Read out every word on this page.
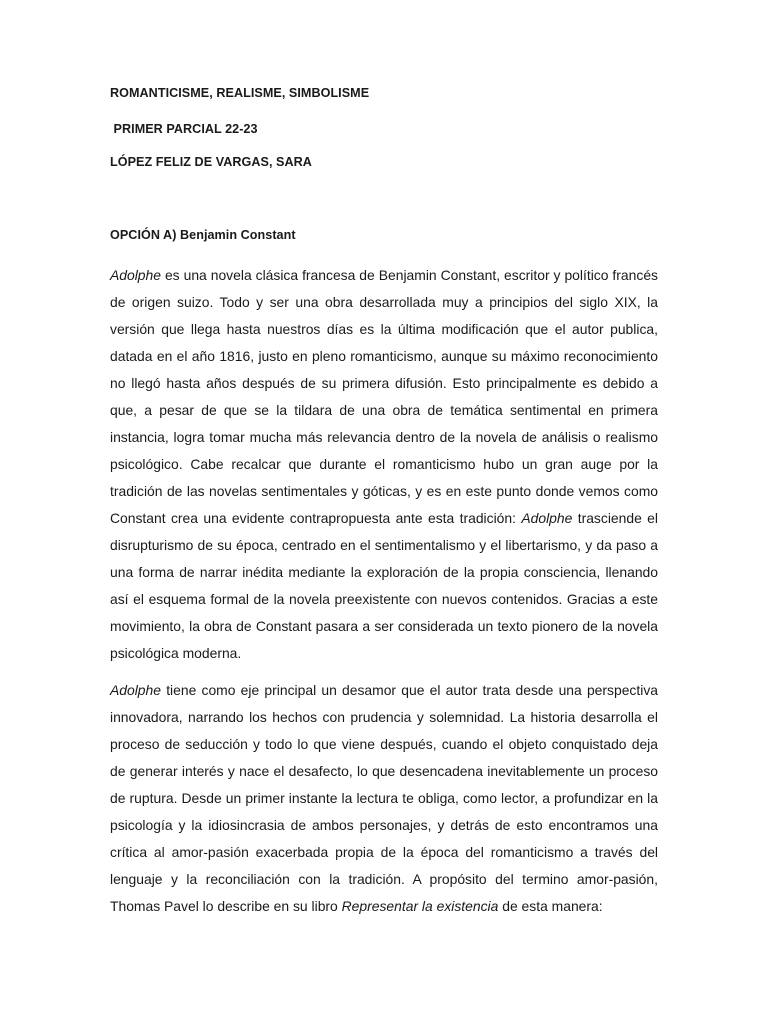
ROMANTICISME, REALISME, SIMBOLISME
PRIMER PARCIAL 22-23
LÓPEZ FELIZ DE VARGAS, SARA
OPCIÓN A) Benjamin Constant

Adolphe es una novela clásica francesa de Benjamin Constant, escritor y político francés de origen suizo. Todo y ser una obra desarrollada muy a principios del siglo XIX, la versión que llega hasta nuestros días es la última modificación que el autor publica, datada en el año 1816, justo en pleno romanticismo, aunque su máximo reconocimiento no llegó hasta años después de su primera difusión. Esto principalmente es debido a que, a pesar de que se la tildara de una obra de temática sentimental en primera instancia, logra tomar mucha más relevancia dentro de la novela de análisis o realismo psicológico. Cabe recalcar que durante el romanticismo hubo un gran auge por la tradición de las novelas sentimentales y góticas, y es en este punto donde vemos como Constant crea una evidente contrapropuesta ante esta tradición: Adolphe trasciende el disrupturismo de su época, centrado en el sentimentalismo y el libertarismo, y da paso a una forma de narrar inédita mediante la exploración de la propia consciencia, llenando así el esquema formal de la novela preexistente con nuevos contenidos. Gracias a este movimiento, la obra de Constant pasara a ser considerada un texto pionero de la novela psicológica moderna.

Adolphe tiene como eje principal un desamor que el autor trata desde una perspectiva innovadora, narrando los hechos con prudencia y solemnidad. La historia desarrolla el proceso de seducción y todo lo que viene después, cuando el objeto conquistado deja de generar interés y nace el desafecto, lo que desencadena inevitablemente un proceso de ruptura. Desde un primer instante la lectura te obliga, como lector, a profundizar en la psicología y la idiosincrasia de ambos personajes, y detrás de esto encontramos una crítica al amor-pasión exacerbada propia de la época del romanticismo a través del lenguaje y la reconciliación con la tradición. A propósito del termino amor-pasión, Thomas Pavel lo describe en su libro Representar la existencia de esta manera:
